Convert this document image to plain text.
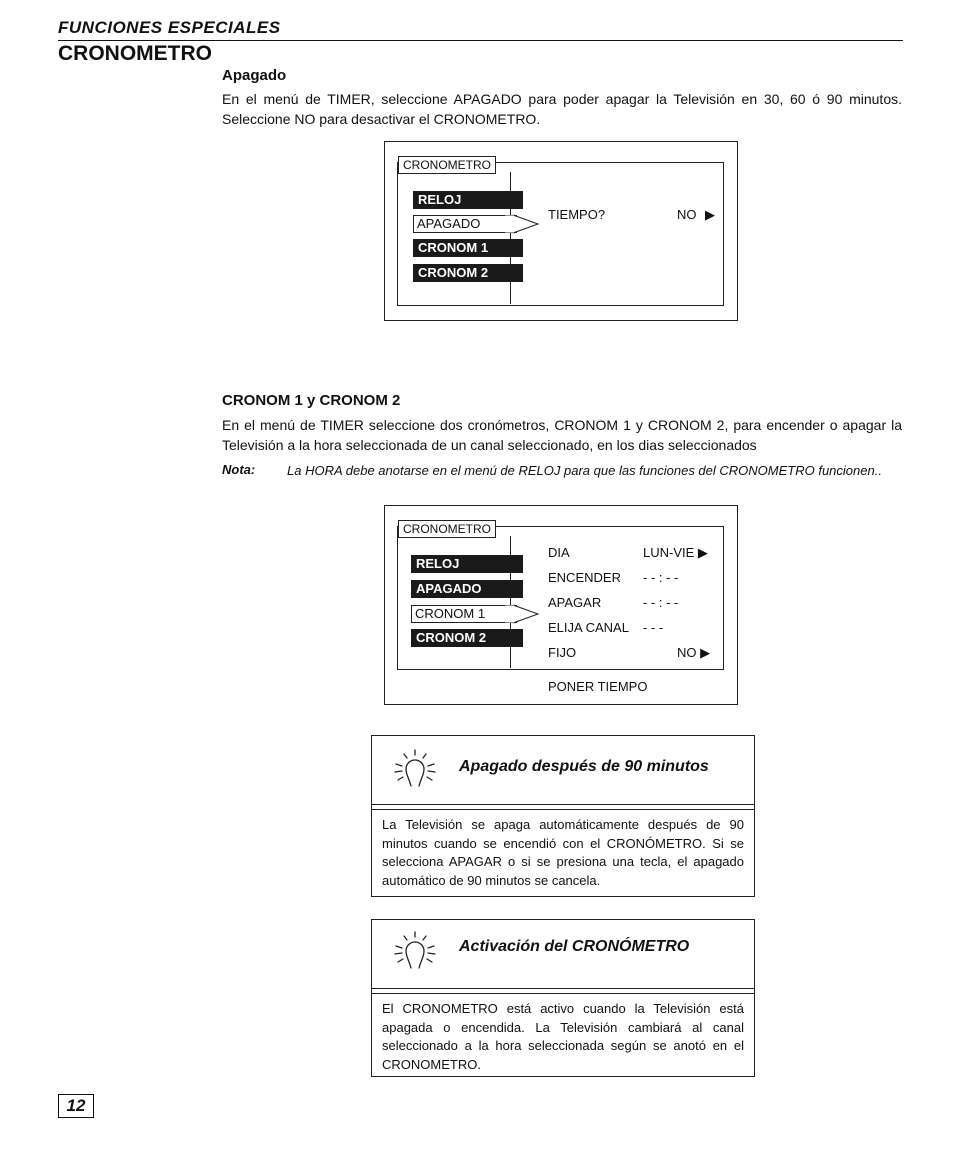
FUNCIONES ESPECIALES
CRONOMETRO
Apagado
En el menú de TIMER, seleccione APAGADO para poder apagar la Televisión en 30, 60 ó 90 minutos. Seleccione NO para desactivar el CRONOMETRO.
CRONOMETRO
RELOJ
APAGADO
CRONOM 1
CRONOM 2
TIEMPO?	NO ▶
CRONOM 1 y CRONOM 2
En el menú de TIMER seleccione dos cronómetros, CRONOM 1 y CRONOM 2, para encender o apagar la Televisión a la hora seleccionada de un canal seleccionado, en los dias seleccionados
Nota: La HORA debe anotarse en el menú de RELOJ para que las funciones del CRONOMETRO funcionen..
CRONOMETRO
RELOJ
APAGADO
CRONOM 1
CRONOM 2
DIA	LUN-VIE ▶
ENCENDER - - : - -
APAGAR	- - : - -
ELIJA CANAL - - -
FIJO	NO ▶
PONER TIEMPO
Apagado después de 90 minutos
La Televisión se apaga automáticamente después de 90 minutos cuando se encendió con el CRONÓMETRO. Si se selecciona APAGAR o si se presiona una tecla, el apagado automático de 90 minutos se cancela.
Activación del CRONÓMETRO
El CRONOMETRO está activo cuando la Televisión está apagada o encendida. La Televisión cambiará al canal seleccionado a la hora seleccionada según se anotó en el CRONOMETRO.
12
